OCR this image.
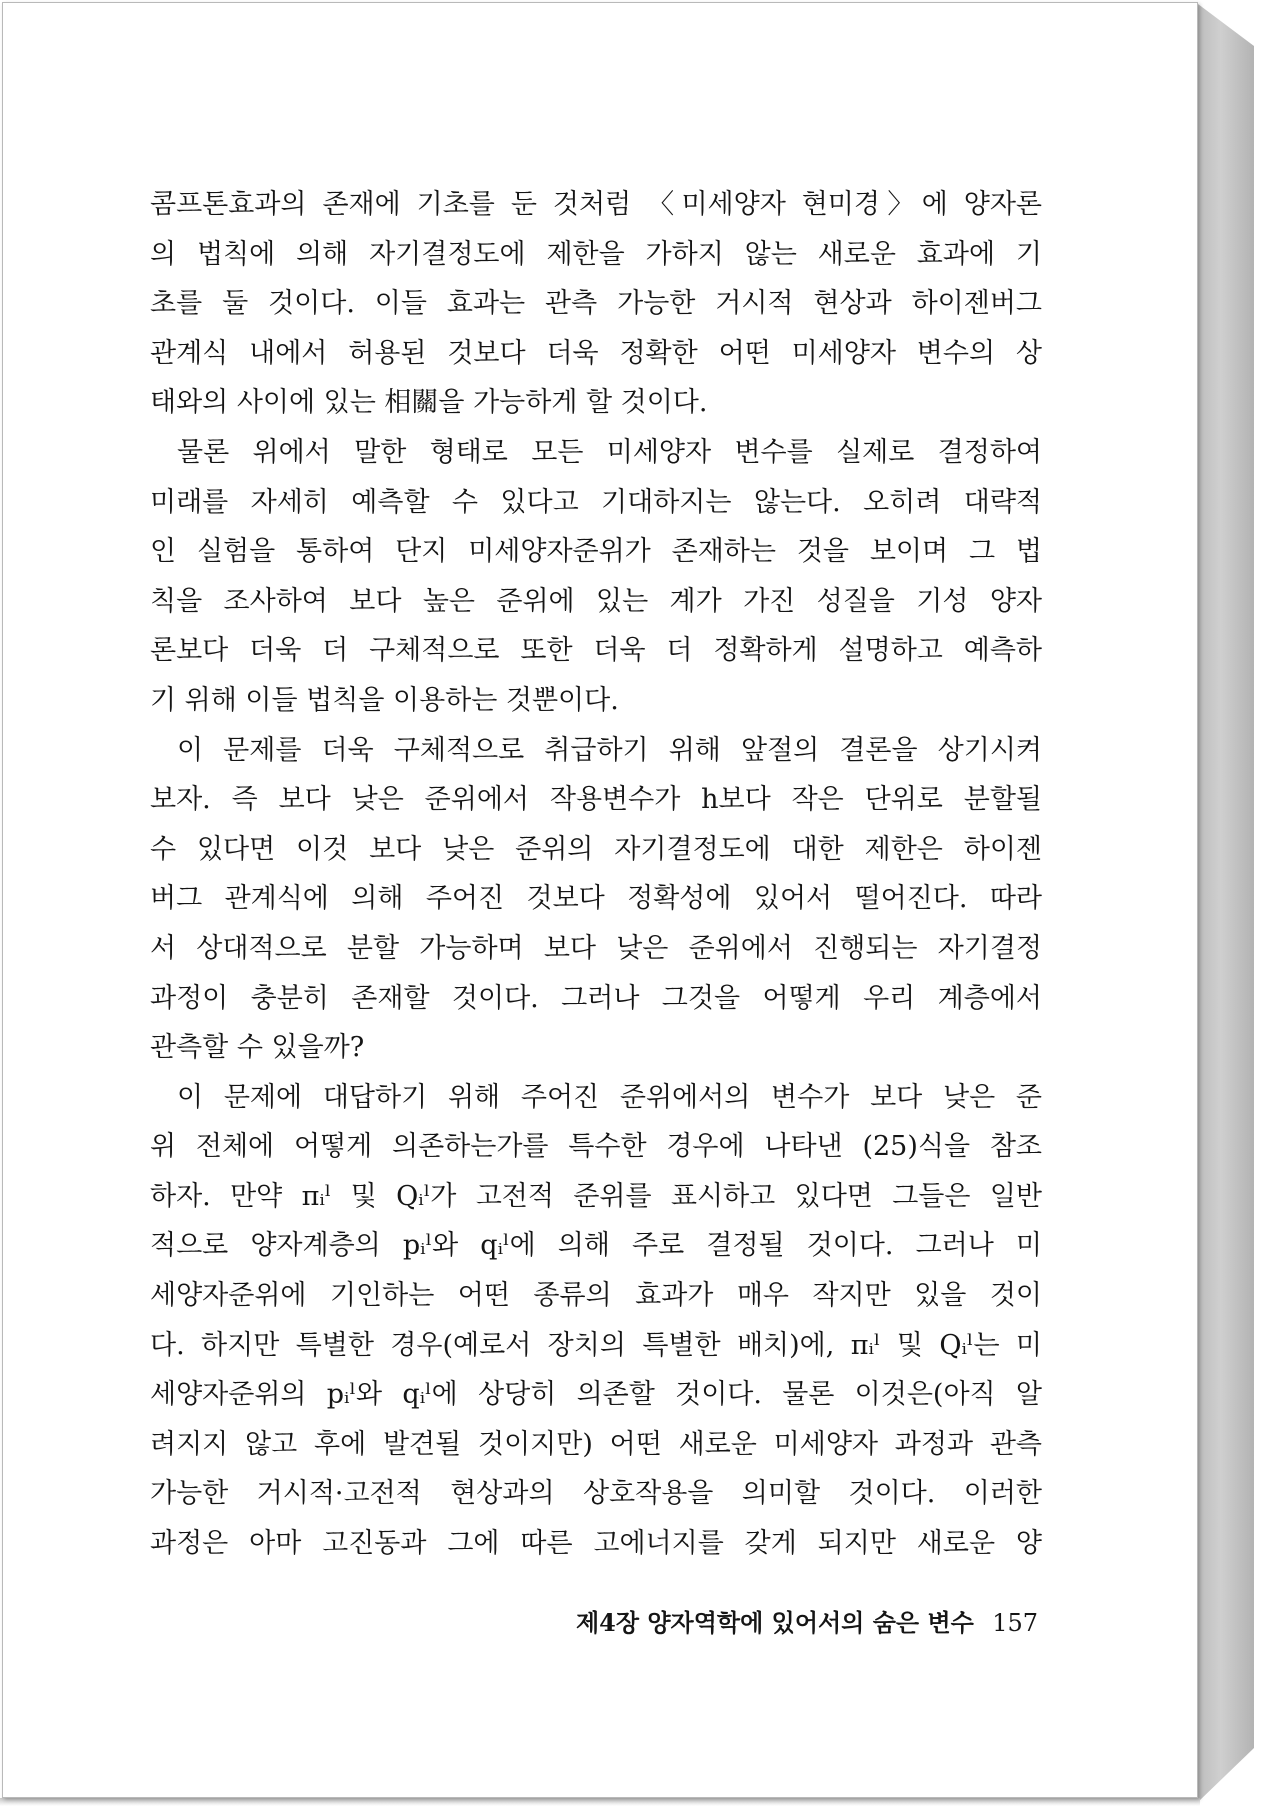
콤프톤효과의 존재에 기초를 둔 것처럼 〈미세양자 현미경〉에 양자론
의 법칙에 의해 자기결정도에 제한을 가하지 않는 새로운 효과에 기
초를 둘 것이다. 이들 효과는 관측 가능한 거시적 현상과 하이젠버그
관계식 내에서 허용된 것보다 더욱 정확한 어떤 미세양자 변수의 상
태와의 사이에 있는 相關을 가능하게 할 것이다.
물론 위에서 말한 형태로 모든 미세양자 변수를 실제로 결정하여
미래를 자세히 예측할 수 있다고 기대하지는 않는다. 오히려 대략적
인 실험을 통하여 단지 미세양자준위가 존재하는 것을 보이며 그 법
칙을 조사하여 보다 높은 준위에 있는 계가 가진 성질을 기성 양자
론보다 더욱 더 구체적으로 또한 더욱 더 정확하게 설명하고 예측하
기 위해 이들 법칙을 이용하는 것뿐이다.
이 문제를 더욱 구체적으로 취급하기 위해 앞절의 결론을 상기시켜
보자. 즉 보다 낮은 준위에서 작용변수가 h보다 작은 단위로 분할될
수 있다면 이것 보다 낮은 준위의 자기결정도에 대한 제한은 하이젠
버그 관계식에 의해 주어진 것보다 정확성에 있어서 떨어진다. 따라
서 상대적으로 분할 가능하며 보다 낮은 준위에서 진행되는 자기결정
과정이 충분히 존재할 것이다. 그러나 그것을 어떻게 우리 계층에서
관측할 수 있을까?
이 문제에 대답하기 위해 주어진 준위에서의 변수가 보다 낮은 준
위 전체에 어떻게 의존하는가를 특수한 경우에 나타낸 (25)식을 참조
하자. 만약 πᵢˡ 및 Qᵢˡ가 고전적 준위를 표시하고 있다면 그들은 일반
적으로 양자계층의 pᵢˡ와 qᵢˡ에 의해 주로 결정될 것이다. 그러나 미
세양자준위에 기인하는 어떤 종류의 효과가 매우 작지만 있을 것이
다. 하지만 특별한 경우(예로서 장치의 특별한 배치)에, πᵢˡ 및 Qᵢˡ는 미
세양자준위의 pᵢˡ와 qᵢˡ에 상당히 의존할 것이다. 물론 이것은(아직 알
려지지 않고 후에 발견될 것이지만) 어떤 새로운 미세양자 과정과 관측
가능한 거시적·고전적 현상과의 상호작용을 의미할 것이다. 이러한
과정은 아마 고진동과 그에 따른 고에너지를 갖게 되지만 새로운 양
제4장 양자역학에 있어서의 숨은 변수 157
